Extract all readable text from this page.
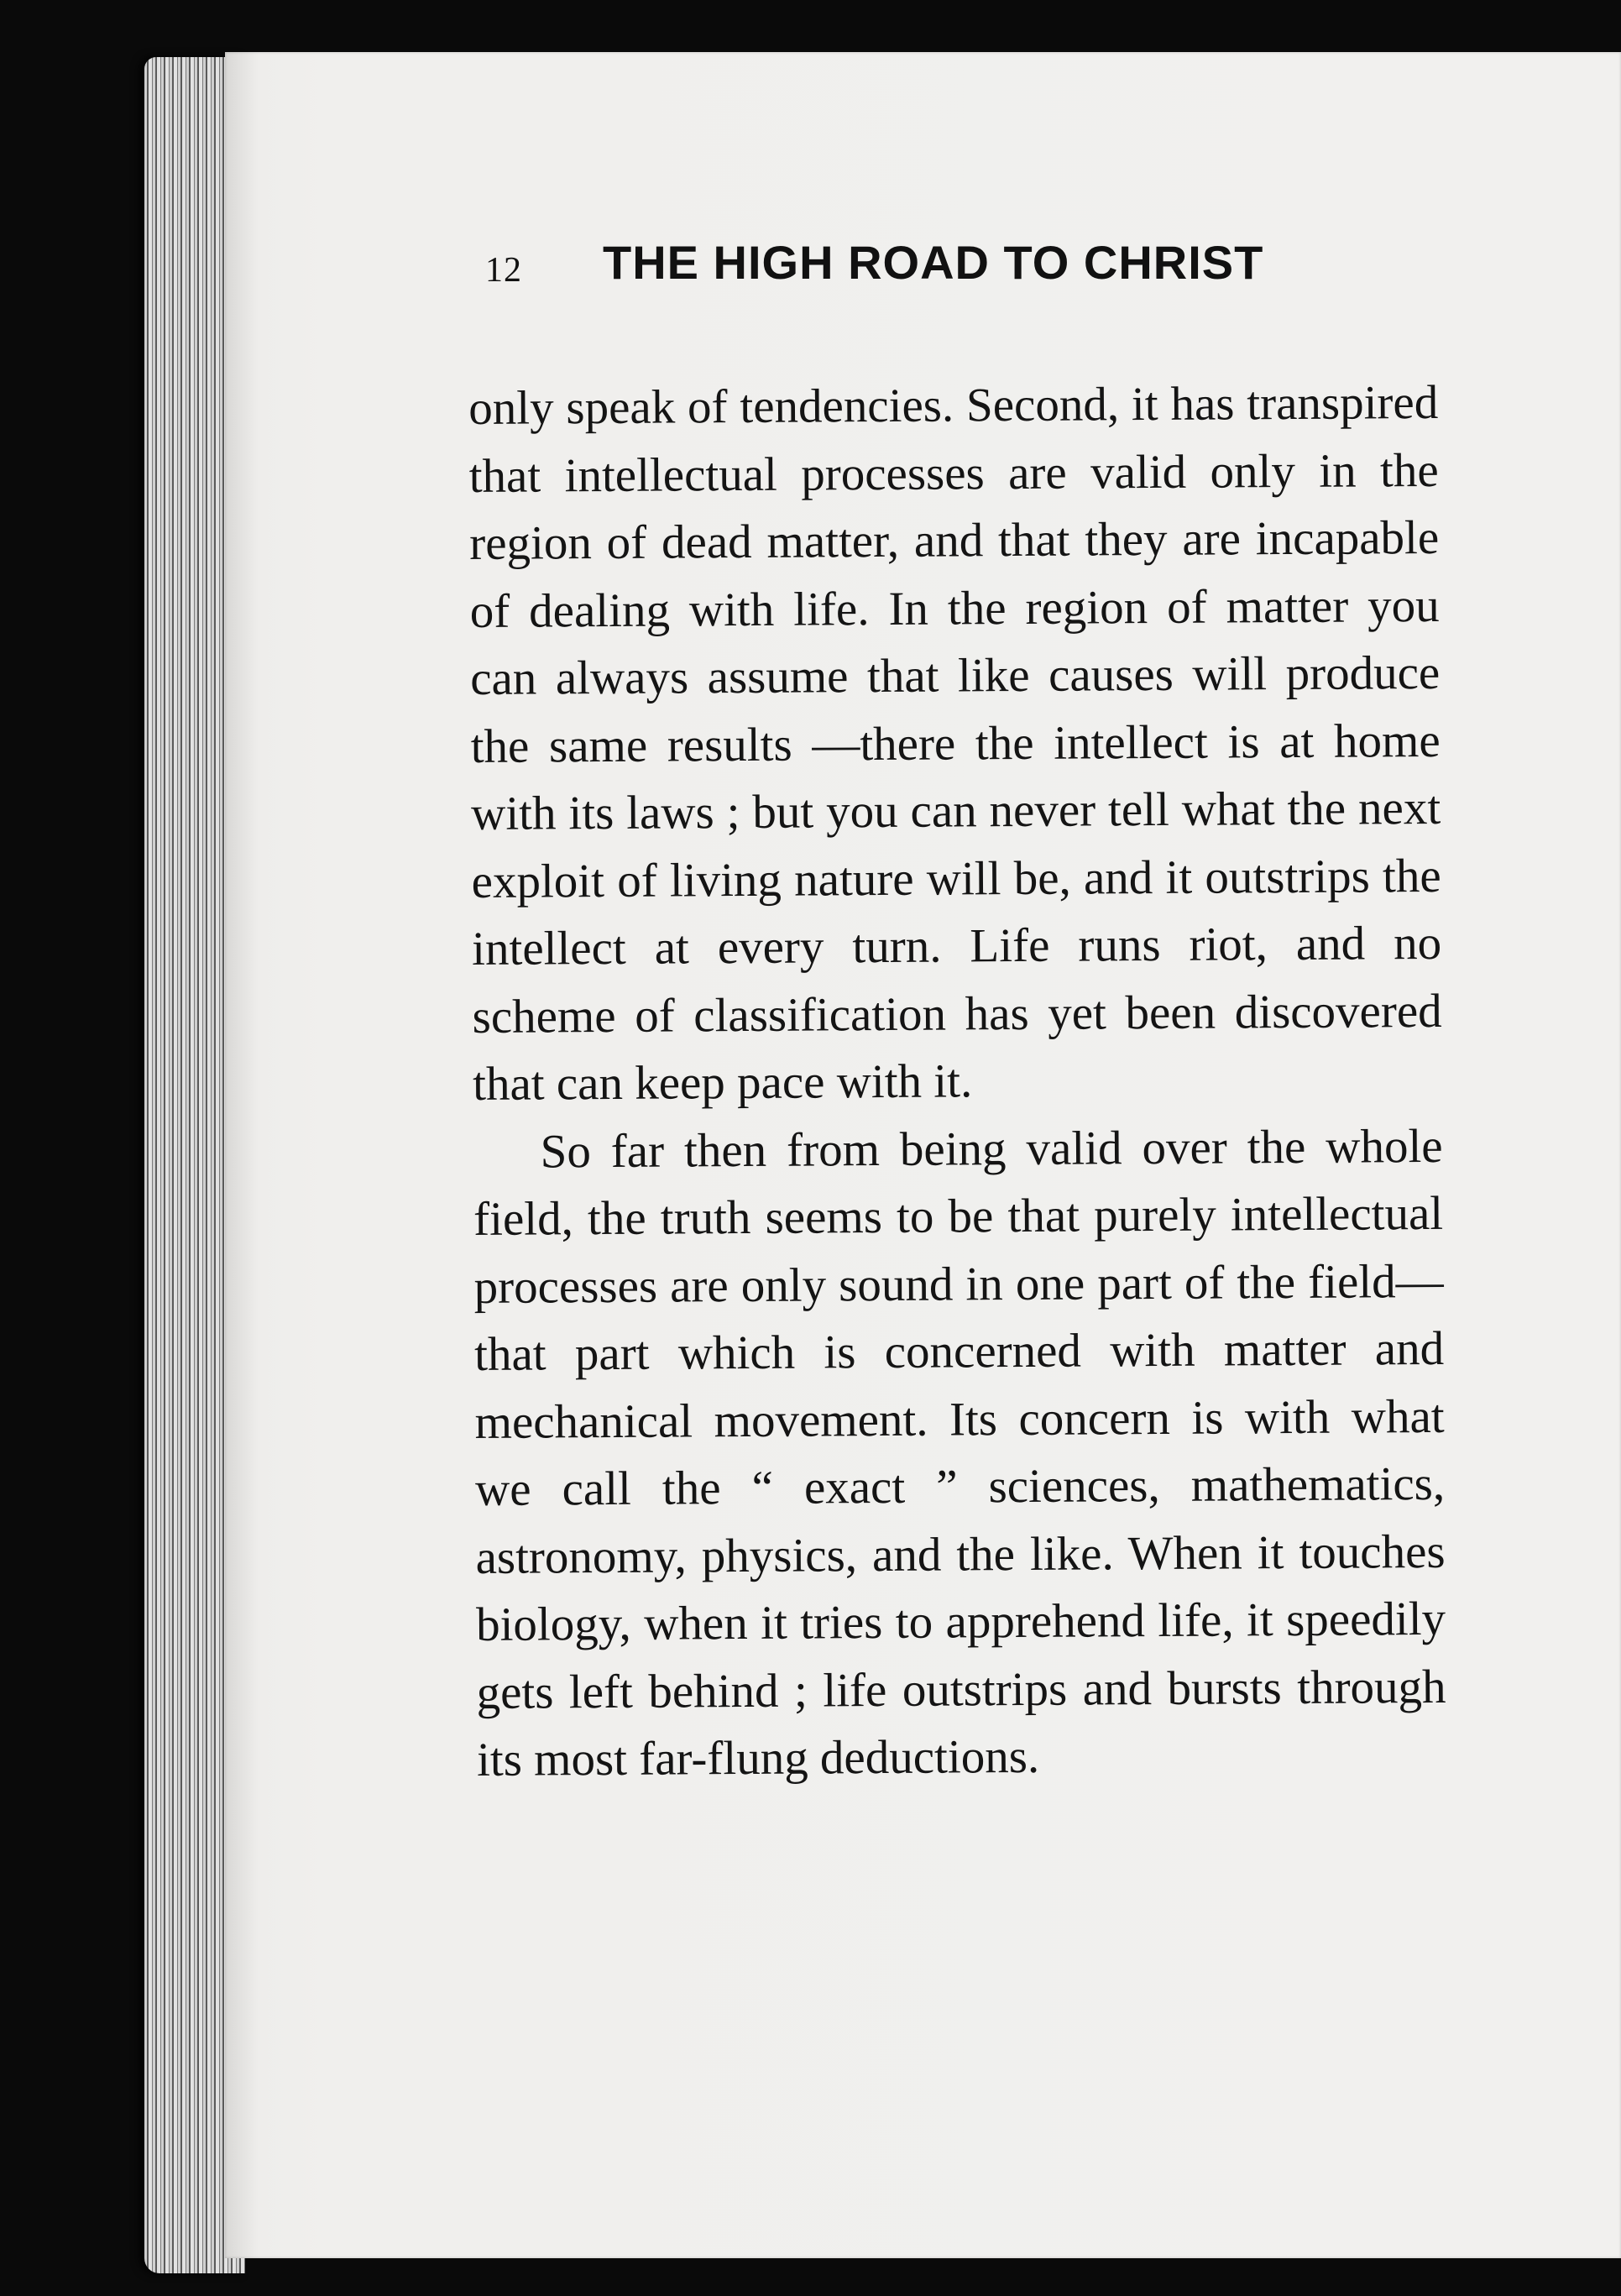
12 THE HIGH ROAD TO CHRIST

only speak of tendencies. Second, it has transpired that intellectual processes are valid only in the region of dead matter, and that they are incapable of dealing with life. In the region of matter you can always assume that like causes will produce the same results —there the intellect is at home with its laws ; but you can never tell what the next exploit of living nature will be, and it outstrips the intellect at every turn. Life runs riot, and no scheme of classification has yet been discovered that can keep pace with it.

So far then from being valid over the whole field, the truth seems to be that purely intellectual processes are only sound in one part of the field—that part which is concerned with matter and mechanical movement. Its concern is with what we call the “ exact ” sciences, mathematics, astronomy, physics, and the like. When it touches biology, when it tries to apprehend life, it speedily gets left behind ; life outstrips and bursts through its most far-flung deductions.
